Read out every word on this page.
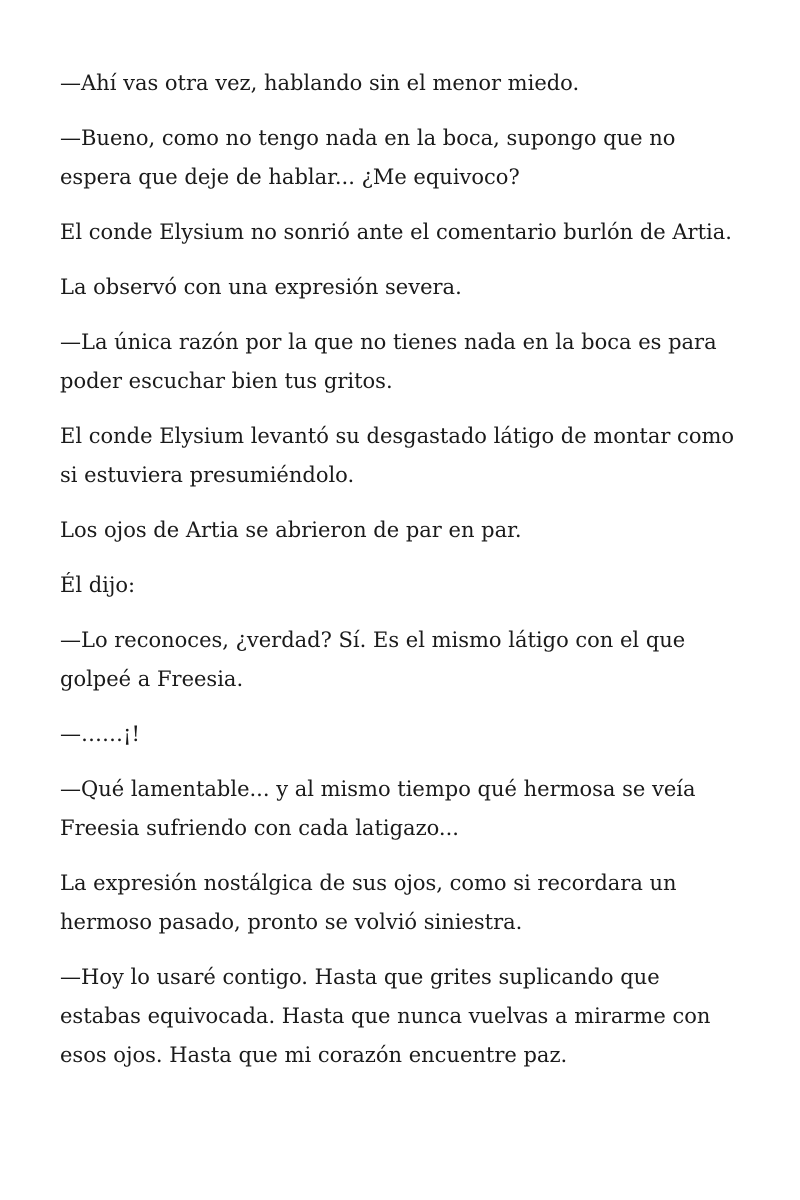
—Ahí vas otra vez, hablando sin el menor miedo.

—Bueno, como no tengo nada en la boca, supongo que no espera que deje de hablar... ¿Me equivoco?

El conde Elysium no sonrió ante el comentario burlón de Artia.

La observó con una expresión severa.

—La única razón por la que no tienes nada en la boca es para poder escuchar bien tus gritos.

El conde Elysium levantó su desgastado látigo de montar como si estuviera presumiéndolo.

Los ojos de Artia se abrieron de par en par.

Él dijo:

—Lo reconoces, ¿verdad? Sí. Es el mismo látigo con el que golpeé a Freesia.

—……¡!

—Qué lamentable... y al mismo tiempo qué hermosa se veía Freesia sufriendo con cada latigazo...

La expresión nostálgica de sus ojos, como si recordara un hermoso pasado, pronto se volvió siniestra.

—Hoy lo usaré contigo. Hasta que grites suplicando que estabas equivocada. Hasta que nunca vuelvas a mirarme con esos ojos. Hasta que mi corazón encuentre paz.
